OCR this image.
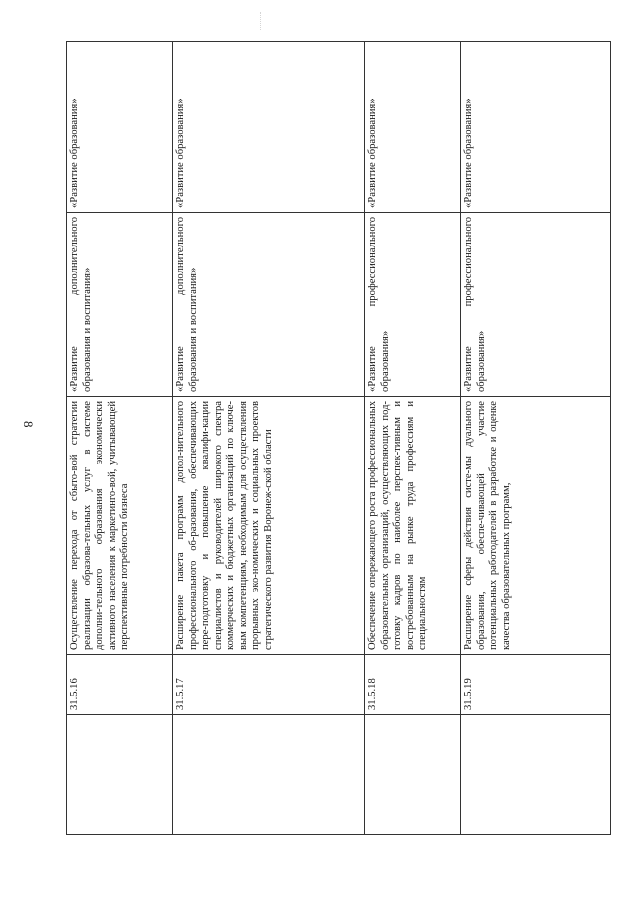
8
	31.5.16	Осуществление перехода от сбыто-вой стратегии реализации образова-тельных услуг в системе дополни-тельного образования экономически активного населения к маркетинго-вой, учитывающей перспективные потребности бизнеса	«Развитие дополнительного образования и воспитания»	«Развитие образования»
	31.5.17	Расширение пакета программ допол-нительного профессионального об-разования, обеспечивающих пере-подготовку и повышение квалифи-кации специалистов и руководителей широкого спектра коммерческих и бюджетных организаций по ключе-вым компетенциям, необходимым для осуществления прорывных эко-номических и социальных проектов стратегического развития Воронеж-ской области	«Развитие дополнительного образования и воспитания»	«Развитие образования»
	31.5.18	Обеспечение опережающего роста профессиональных образовательных организаций, осуществляющих под-готовку кадров по наиболее перспек-тивным и востребованным на рынке труда профессиям и специальностям	«Развитие профессионального образования»	«Развитие образования»
	31.5.19	Расширение сферы действия систе-мы дуального образования, обеспе-чивающей участие потенциальных работодателей в разработке и оценке качества образовательных программ,	«Развитие профессионального образования»	«Развитие образования»
